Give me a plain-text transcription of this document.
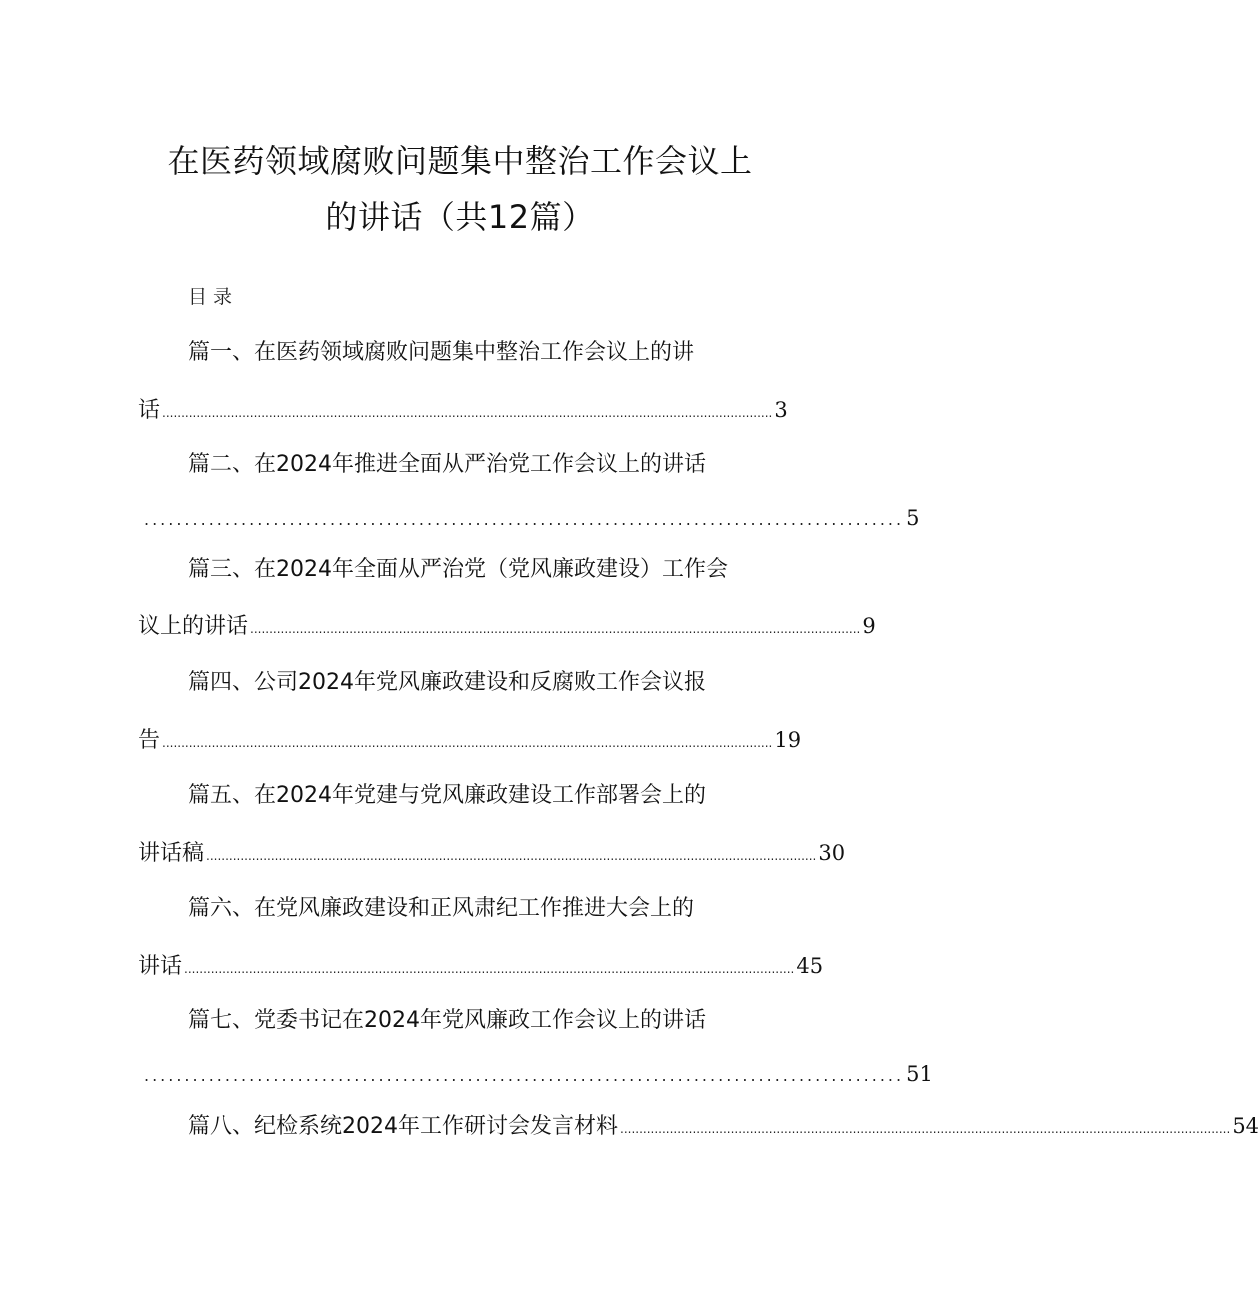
在医药领域腐败问题集中整治工作会议上
的讲话（共12篇）
目录
篇一、在医药领域腐败问题集中整治工作会议上的讲
话 ................................................................................................................................................................ 3
篇二、在2024年推进全面从严治党工作会议上的讲话
.............................................................................................. 5
篇三、在2024年全面从严治党（党风廉政建设）工作会
议上的讲话 ................................................................................................................................................................ 9
篇四、公司2024年党风廉政建设和反腐败工作会议报
告 ................................................................................................................................................................ 19
篇五、在2024年党建与党风廉政建设工作部署会上的
讲话稿 ................................................................................................................................................................ 30
篇六、在党风廉政建设和正风肃纪工作推进大会上的
讲话 ................................................................................................................................................................ 45
篇七、党委书记在2024年党风廉政工作会议上的讲话
.............................................................................................. 51
篇八、纪检系统2024年工作研讨会发言材料 ................................................................................................................................................................ 54
